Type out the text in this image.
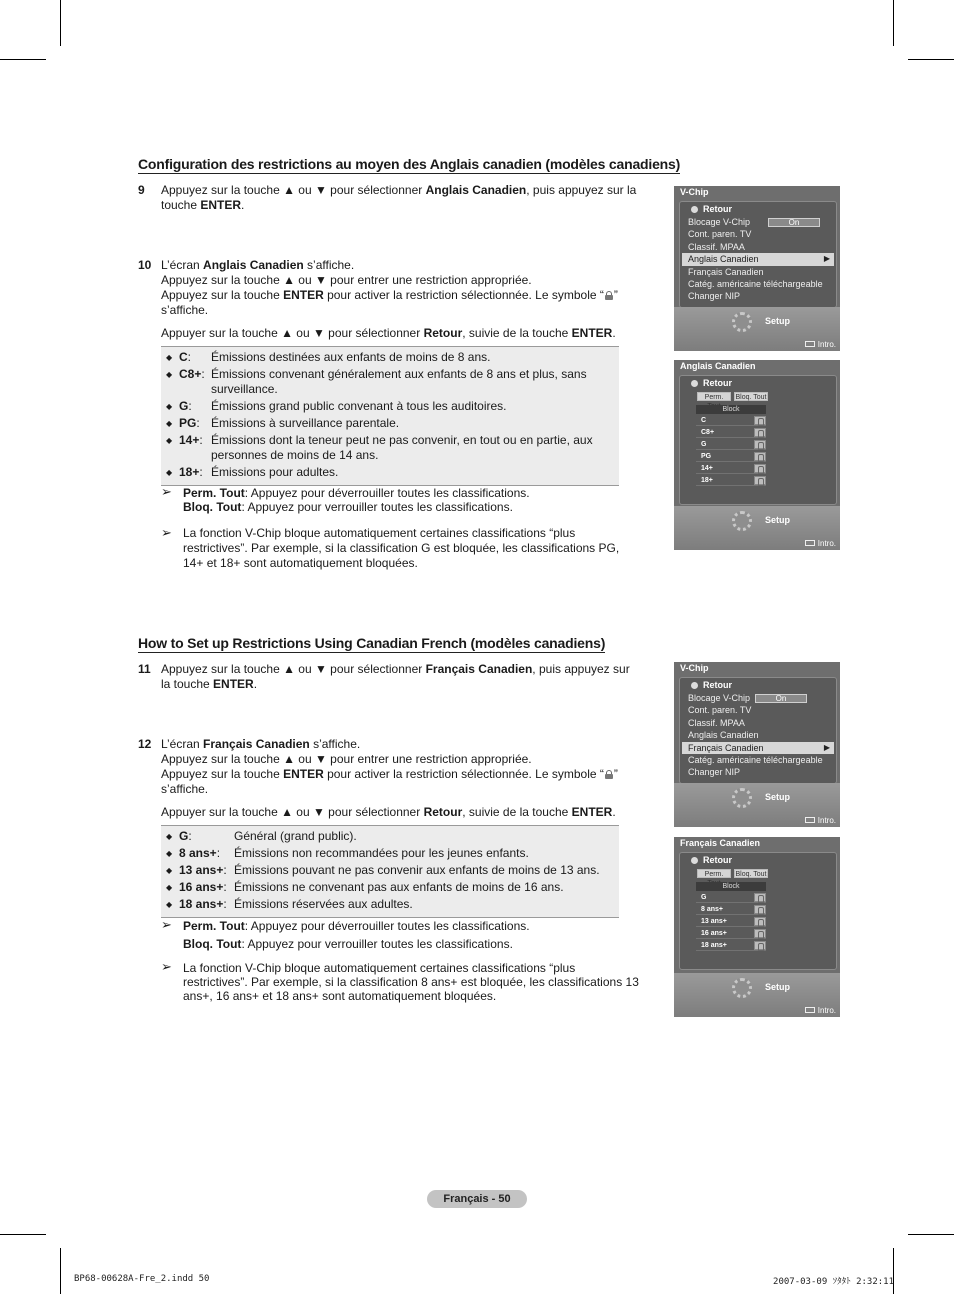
Configuration des restrictions au moyen des Anglais canadien (modèles canadiens)
9 Appuyez sur la touche ▲ ou ▼ pour sélectionner Anglais Canadien, puis appuyez sur la touche ENTER.
10 L’écran Anglais Canadien s’affiche.

Appuyez sur la touche ▲ ou ▼ pour entrer une restriction appropriée.

Appuyez sur la touche ENTER pour activer la restriction sélectionnée. Le symbole “ ” s’affiche.

Appuyer sur la touche ▲ ou ▼ pour sélectionner Retour, suivie de la touche ENTER.

◆ C: Émissions destinées aux enfants de moins de 8 ans.
◆ C8+: Émissions convenant généralement aux enfants de 8 ans et plus, sans surveillance.
◆ G: Émissions grand public convenant à tous les auditoires.
◆ PG: Émissions à surveillance parentale.
◆ 14+: Émissions dont la teneur peut ne pas convenir, en tout ou en partie, aux personnes de moins de 14 ans.
◆ 18+: Émissions pour adultes.
➢ Perm. Tout: Appuyez pour déverrouiller toutes les classifications.

Bloq. Tout: Appuyez pour verrouiller toutes les classifications.

➢ La fonction V-Chip bloque automatiquement certaines classifications “plus restrictives”. Par exemple, si la classification G est bloquée, les classifications PG, 14+ et 18+ sont automatiquement bloquées.

V-Chip
Retour
Blocage V-Chip	On
Cont. paren. TV
Classif. MPAA
Anglais Canadien	▶
Français Canadien
Catég. américaine téléchargeable
Changer NIP
Setup
Intro.
Anglais Canadien
Retour
Perm.	Bloq. Tout
Block
C
C8+
G
PG
14+
18+
Setup
Intro.
How to Set up Restrictions Using Canadian French (modèles canadiens)
11 Appuyez sur la touche ▲ ou ▼ pour sélectionner Français Canadien, puis appuyez sur la touche ENTER.
12 L’écran Français Canadien s’affiche.

Appuyez sur la touche ▲ ou ▼ pour entrer une restriction appropriée.

Appuyez sur la touche ENTER pour activer la restriction sélectionnée. Le symbole “ ” s’affiche.

Appuyer sur la touche ▲ ou ▼ pour sélectionner Retour, suivie de la touche ENTER.

◆ G:	Général (grand public).
◆ 8 ans+: Émissions non recommandées pour les jeunes enfants.
◆ 13 ans+: Émissions pouvant ne pas convenir aux enfants de moins de 13 ans.
◆ 16 ans+: Émissions ne convenant pas aux enfants de moins de 16 ans.
◆ 18 ans+: Émissions réservées aux adultes.
➢ Perm. Tout: Appuyez pour déverrouiller toutes les classifications.

Bloq. Tout: Appuyez pour verrouiller toutes les classifications.

➢ La fonction V-Chip bloque automatiquement certaines classifications “plus restrictives”. Par exemple, si la classification 8 ans+ est bloquée, les classifications 13 ans+, 16 ans+ et 18 ans+ sont automatiquement bloquées.

V-Chip
Retour
Blocage V-Chip	On
Cont. paren. TV
Classif. MPAA
Anglais Canadien
Français Canadien	▶
Catég. américaine téléchargeable
Changer NIP
Setup
Intro.
Français Canadien
Retour
Perm.	Bloq. Tout
Block
G
8 ans+
13 ans+
16 ans+
18 ans+
Setup
Intro.
Français - 50
BP68-00628A-Fre_2.indd 50	2007-03-09 ｿﾀﾀﾄ 2:32:11
